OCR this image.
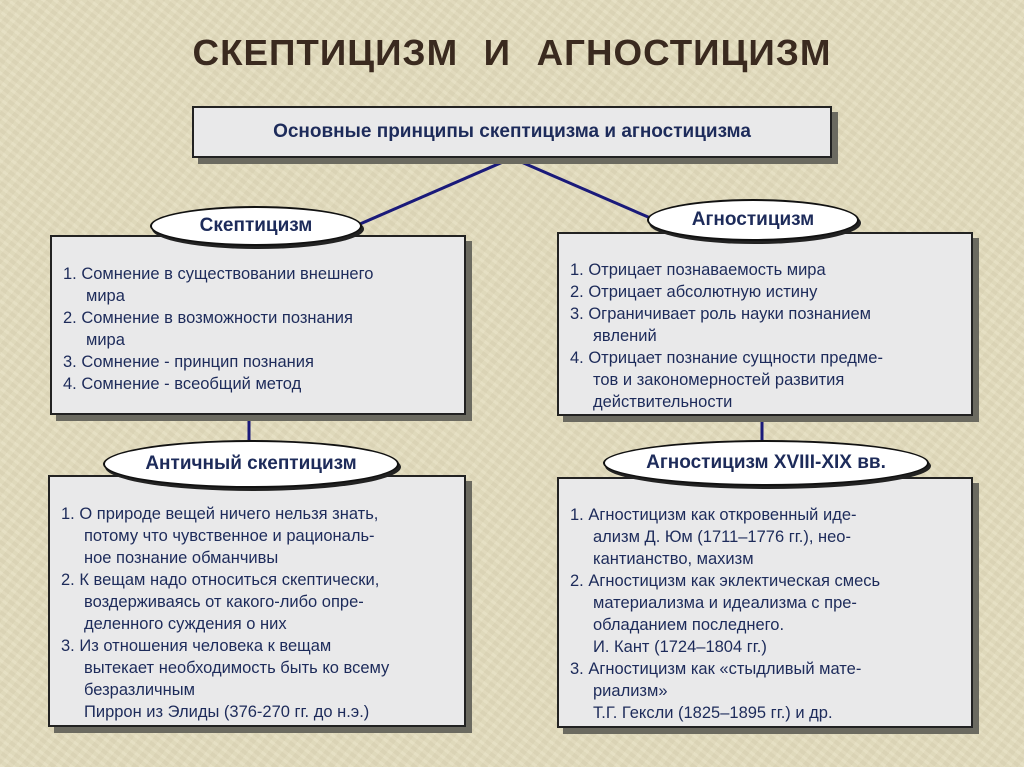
СКЕПТИЦИЗМ И АГНОСТИЦИЗМ
Основные принципы скептицизма и агностицизма
1. Сомнение в существовании внешнего
мира
2. Сомнение в возможности познания
мира
3. Сомнение - принцип познания
4. Сомнение - всеобщий метод
Скептицизм
1. Отрицает познаваемость мира
2. Отрицает абсолютную истину
3. Ограничивает роль науки познанием
явлений
4. Отрицает познание сущности предме-
тов и закономерностей развития
действительности
Агностицизм
1. О природе вещей ничего нельзя знать,
потому что чувственное и рациональ-
ное познание обманчивы
2. К вещам надо относиться скептически,
воздерживаясь от какого-либо опре-
деленного суждения о них
3. Из отношения человека к вещам
вытекает необходимость быть ко всему
безразличным
Пиррон из Элиды (376-270 гг. до н.э.)
Античный скептицизм
1. Агностицизм как откровенный иде-
ализм Д. Юм (1711–1776 гг.), нео-
кантианство, махизм
2. Агностицизм как эклектическая смесь
материализма и идеализма с пре-
обладанием последнего.
И. Кант (1724–1804 гг.)
3. Агностицизм как «стыдливый мате-
риализм»
Т.Г. Гексли (1825–1895 гг.) и др.
Агностицизм XVIII-XIX вв.
